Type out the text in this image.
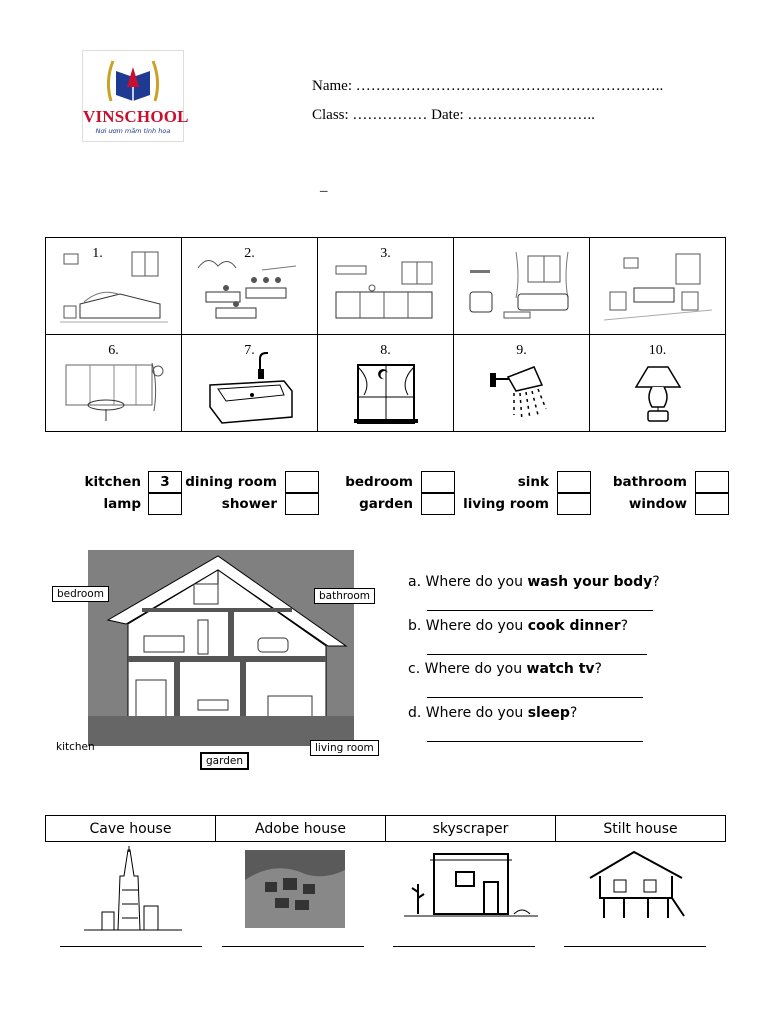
VINSCHOOL
Nơi ươm mầm tinh hoa
Name: ……………………………………………………..
Class: …………… Date: ……………………..
_
1.	2.	3.

6.	7.	8.	9.	10.
kitchen	3	dining room	bedroom	sink	bathroom
lamp	shower	garden	living room	window
bedroom	bathroom
kitchen
garden
living room
a. Where do you wash your body?
b. Where do you cook dinner?
c. Where do you watch tv?
d. Where do you sleep?
Cave house	Adobe house	skyscraper	Stilt house
